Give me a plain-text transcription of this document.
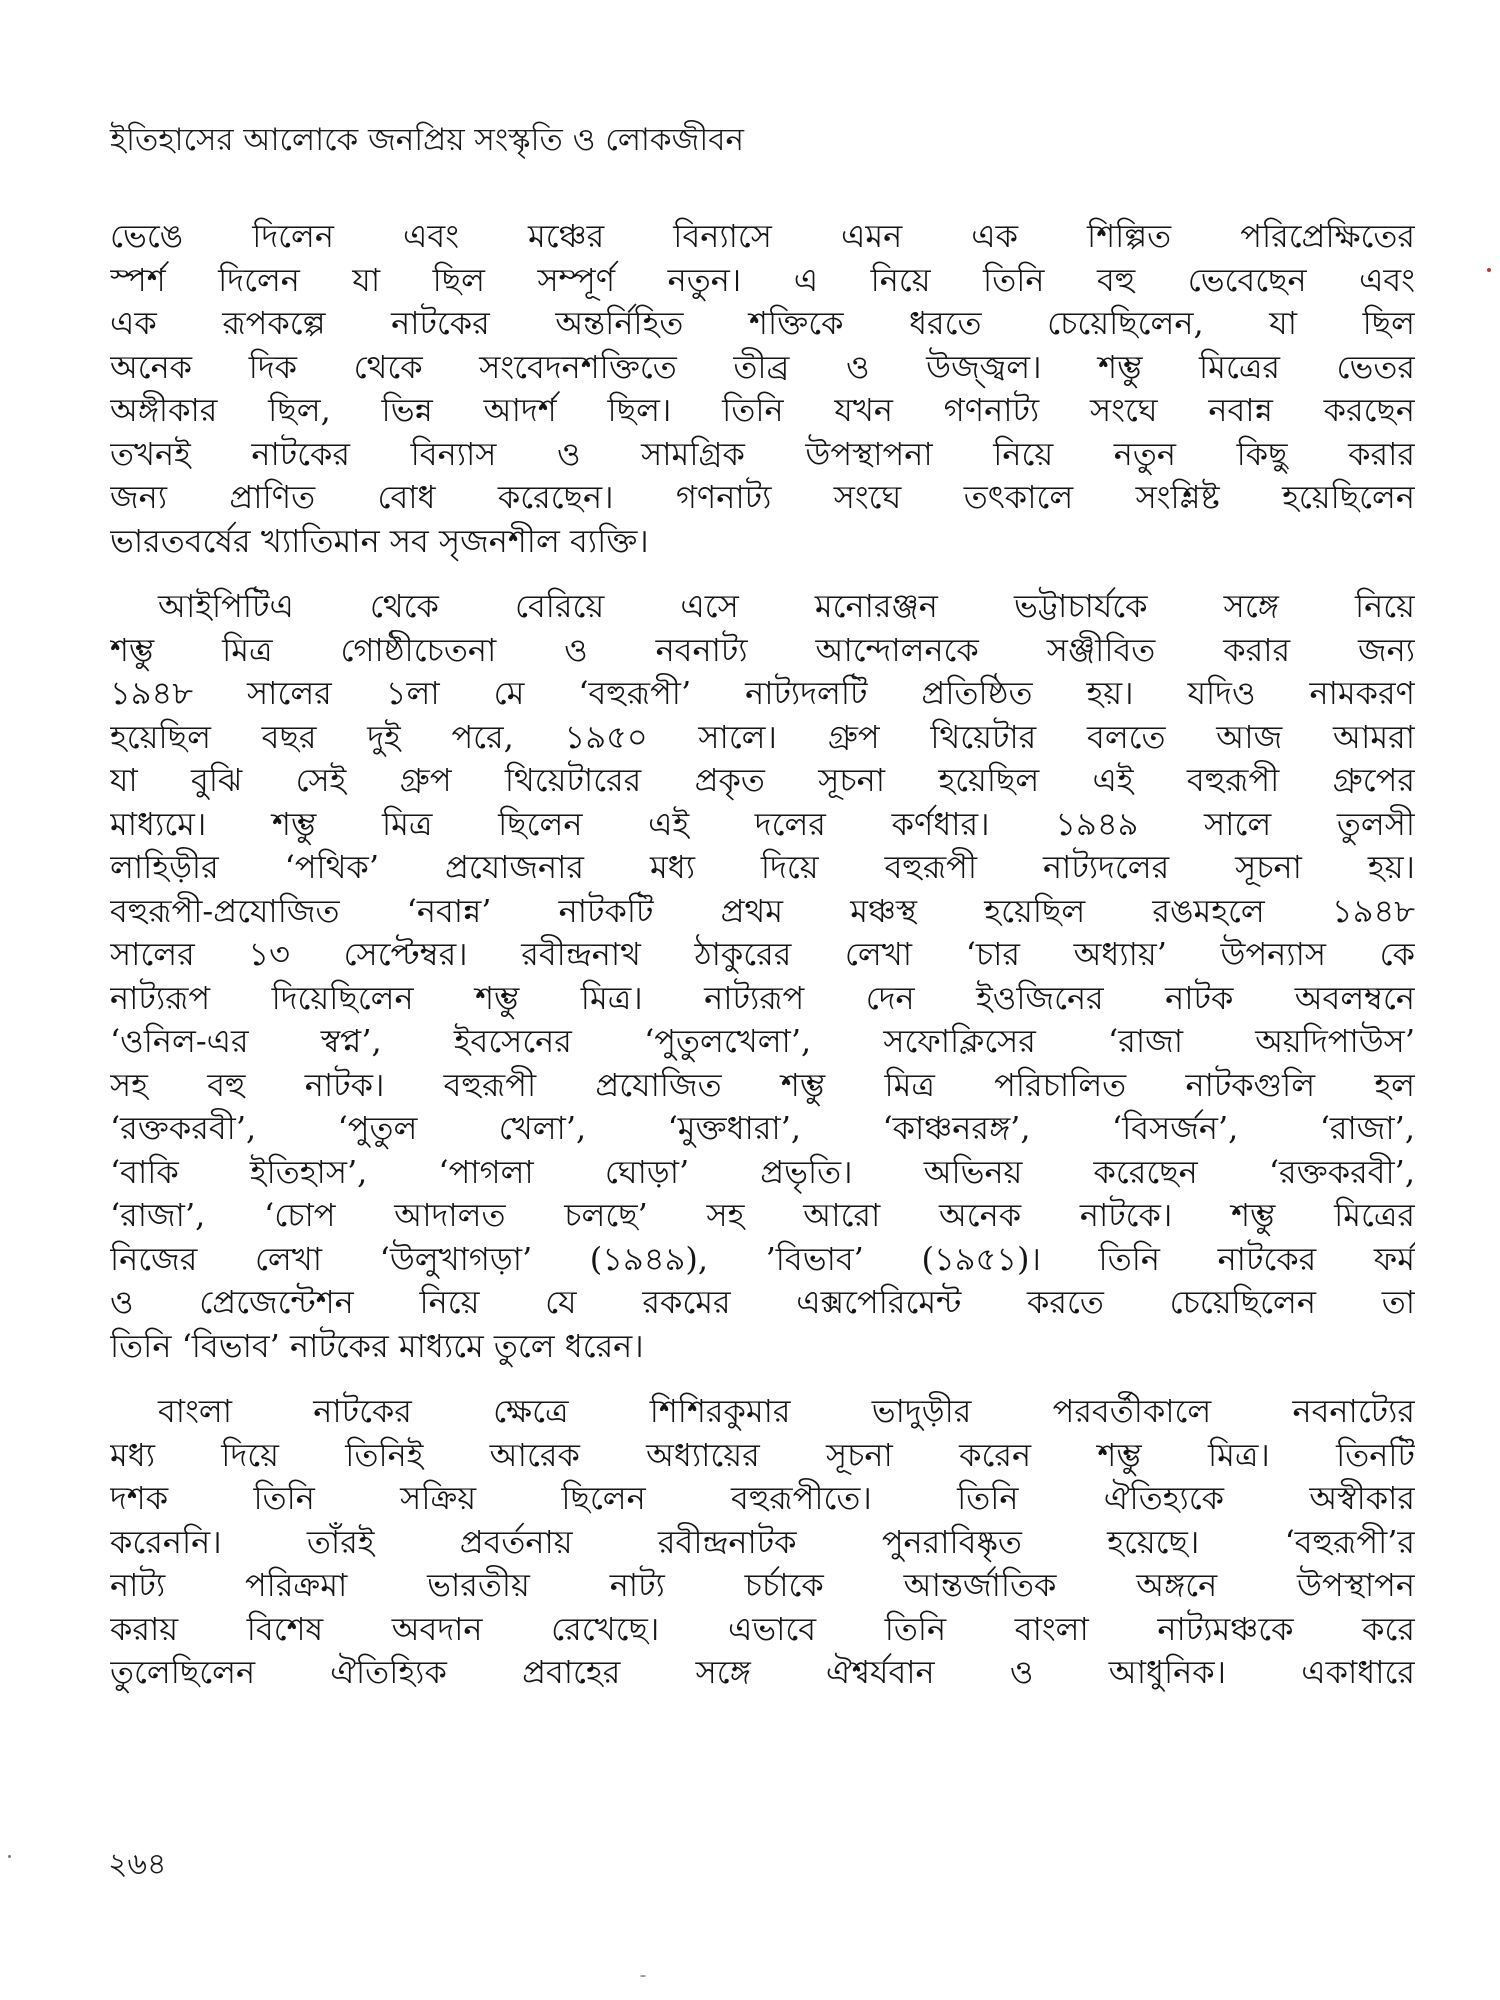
ইতিহাসের আলোকে জনপ্রিয় সংস্কৃতি ও লোকজীবন
ভেঙে দিলেন এবং মঞ্চের বিন্যাসে এমন এক শিল্পিত পরিপ্রেক্ষিতের
স্পর্শ দিলেন যা ছিল সম্পূর্ণ নতুন। এ নিয়ে তিনি বহু ভেবেছেন এবং
এক রূপকল্পে নাটকের অন্তর্নিহিত শক্তিকে ধরতে চেয়েছিলেন, যা ছিল
অনেক দিক থেকে সংবেদনশক্তিতে তীব্র ও উজ্জ্বল। শম্ভু মিত্রের ভেতর
অঙ্গীকার ছিল, ভিন্ন আদর্শ ছিল। তিনি যখন গণনাট্য সংঘে নবান্ন করছেন
তখনই নাটকের বিন্যাস ও সামগ্রিক উপস্থাপনা নিয়ে নতুন কিছু করার
জন্য প্রাণিত বোধ করেছেন। গণনাট্য সংঘে তৎকালে সংশ্লিষ্ট হয়েছিলেন
ভারতবর্ষের খ্যাতিমান সব সৃজনশীল ব্যক্তি।
আইপিটিএ থেকে বেরিয়ে এসে মনোরঞ্জন ভট্টাচার্যকে সঙ্গে নিয়ে
শম্ভু মিত্র গোষ্ঠীচেতনা ও নবনাট্য আন্দোলনকে সঞ্জীবিত করার জন্য
১৯৪৮ সালের ১লা মে ‘বহুরূপী’ নাট্যদলটি প্রতিষ্ঠিত হয়। যদিও নামকরণ
হয়েছিল বছর দুই পরে, ১৯৫০ সালে। গ্রুপ থিয়েটার বলতে আজ আমরা
যা বুঝি সেই গ্রুপ থিয়েটারের প্রকৃত সূচনা হয়েছিল এই বহুরূপী গ্রুপের
মাধ্যমে। শম্ভু মিত্র ছিলেন এই দলের কর্ণধার। ১৯৪৯ সালে তুলসী
লাহিড়ীর ‘পথিক’ প্রযোজনার মধ্য দিয়ে বহুরূপী নাট্যদলের সূচনা হয়।
বহুরূপী-প্রযোজিত ‘নবান্ন’ নাটকটি প্রথম মঞ্চস্থ হয়েছিল রঙমহলে ১৯৪৮
সালের ১৩ সেপ্টেম্বর। রবীন্দ্রনাথ ঠাকুরের লেখা ‘চার অধ্যায়’ উপন্যাস কে
নাট্যরূপ দিয়েছিলেন শম্ভু মিত্র। নাট্যরূপ দেন ইওজিনের নাটক অবলম্বনে
‘ওনিল-এর স্বপ্ন’, ইবসেনের ‘পুতুলখেলা’, সফোক্লিসের ‘রাজা অয়দিপাউস’
সহ বহু নাটক। বহুরূপী প্রযোজিত শম্ভু মিত্র পরিচালিত নাটকগুলি হল
‘রক্তকরবী’, ‘পুতুল খেলা’, ‘মুক্তধারা’, ‘কাঞ্চনরঙ্গ’, ‘বিসর্জন’, ‘রাজা’,
‘বাকি ইতিহাস’, ‘পাগলা ঘোড়া’ প্রভৃতি। অভিনয় করেছেন ‘রক্তকরবী’,
‘রাজা’, ‘চোপ আদালত চলছে’ সহ আরো অনেক নাটকে। শম্ভু মিত্রের
নিজের লেখা ‘উলুখাগড়া’ (১৯৪৯), ’বিভাব’ (১৯৫১)। তিনি নাটকের ফর্ম
ও প্রেজেন্টেশন নিয়ে যে রকমের এক্সপেরিমেন্ট করতে চেয়েছিলেন তা
তিনি ‘বিভাব’ নাটকের মাধ্যমে তুলে ধরেন।
বাংলা নাটকের ক্ষেত্রে শিশিরকুমার ভাদুড়ীর পরবর্তীকালে নবনাট্যের
মধ্য দিয়ে তিনিই আরেক অধ্যায়ের সূচনা করেন শম্ভু মিত্র। তিনটি
দশক তিনি সক্রিয় ছিলেন বহুরূপীতে। তিনি ঐতিহ্যকে অস্বীকার
করেননি। তাঁরই প্রবর্তনায় রবীন্দ্রনাটক পুনরাবিষ্কৃত হয়েছে। ‘বহুরূপী’র
নাট্য পরিক্রমা ভারতীয় নাট্য চর্চাকে আন্তর্জাতিক অঙ্গনে উপস্থাপন
করায় বিশেষ অবদান রেখেছে। এভাবে তিনি বাংলা নাট্যমঞ্চকে করে
তুলেছিলেন ঐতিহ্যিক প্রবাহের সঙ্গে ঐশ্বর্যবান ও আধুনিক। একাধারে
২৬৪
